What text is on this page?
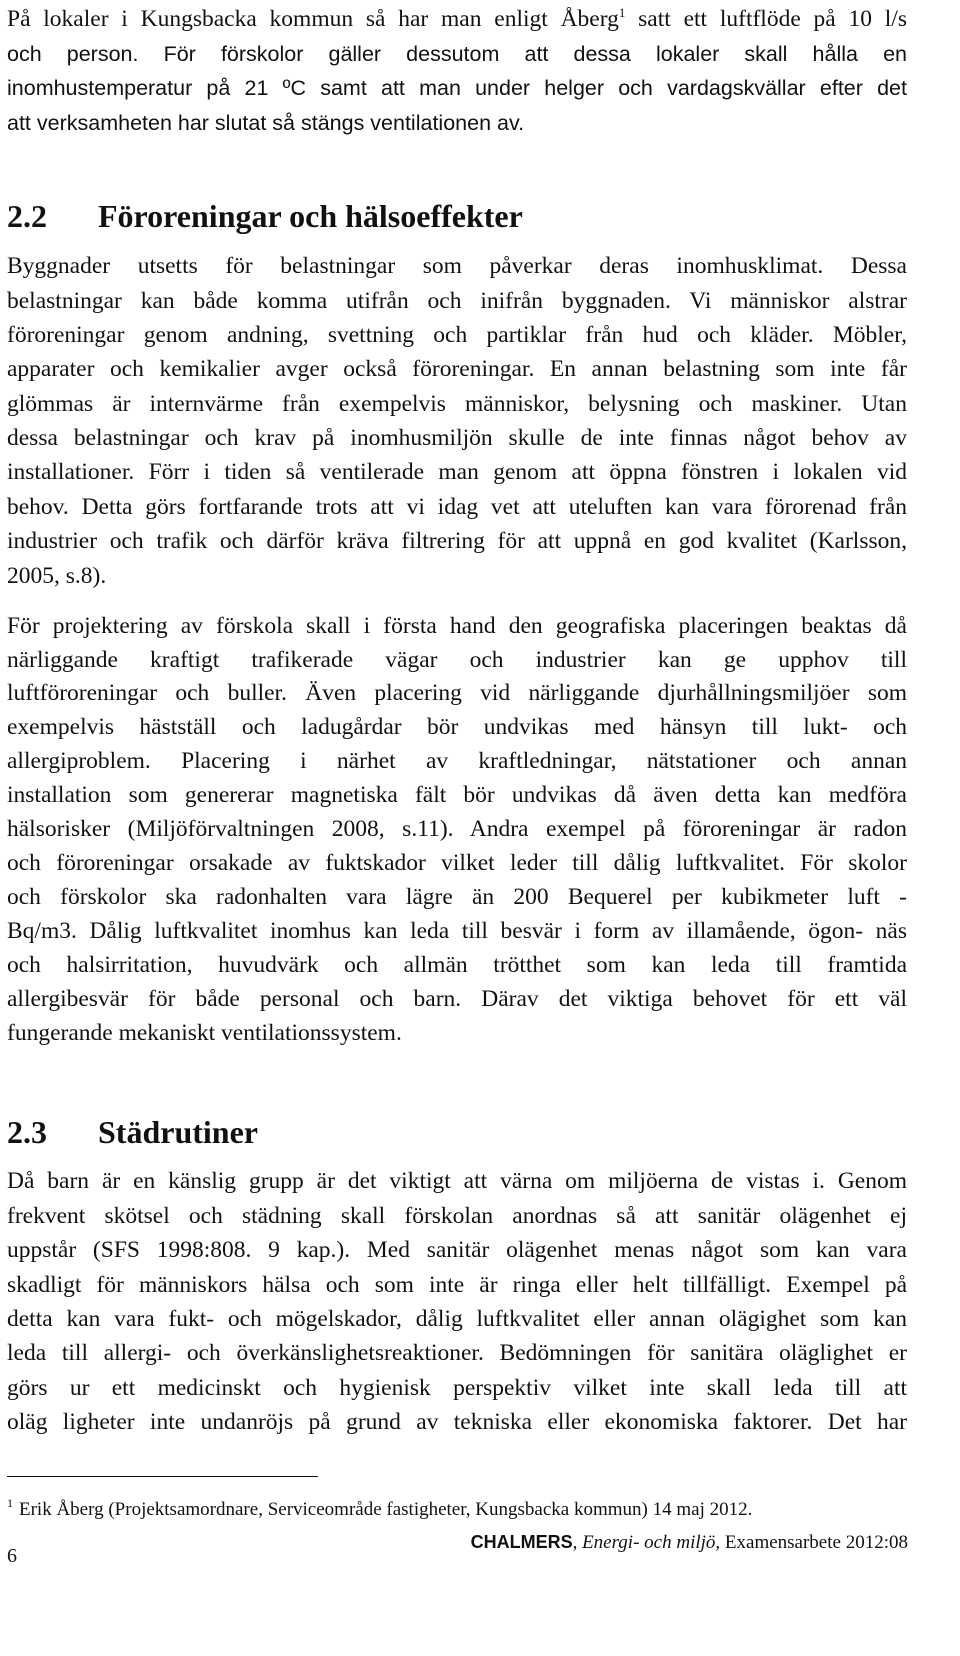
På lokaler i Kungsbacka kommun så har man enligt Åberg$^1$ satt ett luftflöde på 10 l/s
och person. För förskolor gäller dessutom att dessa lokaler skall hålla en
inomhustemperatur på 21 ºC samt att man under helger och vardagskvällar efter det
att verksamheten har slutat så stängs ventilationen av.
2.2 Föroreningar och hälsoeffekter
Byggnader utsetts för belastningar som påverkar deras inomhusklimat. Dessa
belastningar kan både komma utifrån och inifrån byggnaden. Vi människor alstrar
föroreningar genom andning, svettning och partiklar från hud och kläder. Möbler,
apparater och kemikalier avger också föroreningar. En annan belastning som inte får
glömmas är internvärme från exempelvis människor, belysning och maskiner. Utan
dessa belastningar och krav på inomhusmiljön skulle de inte finnas något behov av
installationer. Förr i tiden så ventilerade man genom att öppna fönstren i lokalen vid
behov. Detta görs fortfarande trots att vi idag vet att uteluften kan vara förorenad från
industrier och trafik och därför kräva filtrering för att uppnå en god kvalitet (Karlsson,
2005, s.8).
För projektering av förskola skall i första hand den geografiska placeringen beaktas då
närliggande kraftigt trafikerade vägar och industrier kan ge upphov till
luftföroreningar och buller. Även placering vid närliggande djurhållningsmiljöer som
exempelvis hästställ och ladugårdar bör undvikas med hänsyn till lukt- och
allergiproblem. Placering i närhet av kraftledningar, nätstationer och annan
installation som genererar magnetiska fält bör undvikas då även detta kan medföra
hälsorisker (Miljöförvaltningen 2008, s.11). Andra exempel på föroreningar är radon
och föroreningar orsakade av fuktskador vilket leder till dålig luftkvalitet. För skolor
och förskolor ska radonhalten vara lägre än 200 Bequerel per kubikmeter luft -
Bq/m3. Dålig luftkvalitet inomhus kan leda till besvär i form av illamående, ögon- näs
och halsirritation, huvudvärk och allmän trötthet som kan leda till framtida
allergibesvär för både personal och barn. Därav det viktiga behovet för ett väl
fungerande mekaniskt ventilationssystem.
2.3 Städrutiner
Då barn är en känslig grupp är det viktigt att värna om miljöerna de vistas i. Genom
frekvent skötsel och städning skall förskolan anordnas så att sanitär olägenhet ej
uppstår (SFS 1998:808. 9 kap.). Med sanitär olägenhet menas något som kan vara
skadligt för människors hälsa och som inte är ringa eller helt tillfälligt. Exempel på
detta kan vara fukt- och mögelskador, dålig luftkvalitet eller annan olägighet som kan
leda till allergi- och överkänslighetsreaktioner. Bedömningen för sanitära oläglighet er
görs ur ett medicinskt och hygienisk perspektiv vilket inte skall leda till att
oläg ligheter inte undanröjs på grund av tekniska eller ekonomiska faktorer. Det har
$^1$ Erik Åberg (Projektsamordnare, Serviceområde fastigheter, Kungsbacka kommun) 14 maj 2012.
CHALMERS, Energi- och miljö, Examensarbete 2012:08
6
